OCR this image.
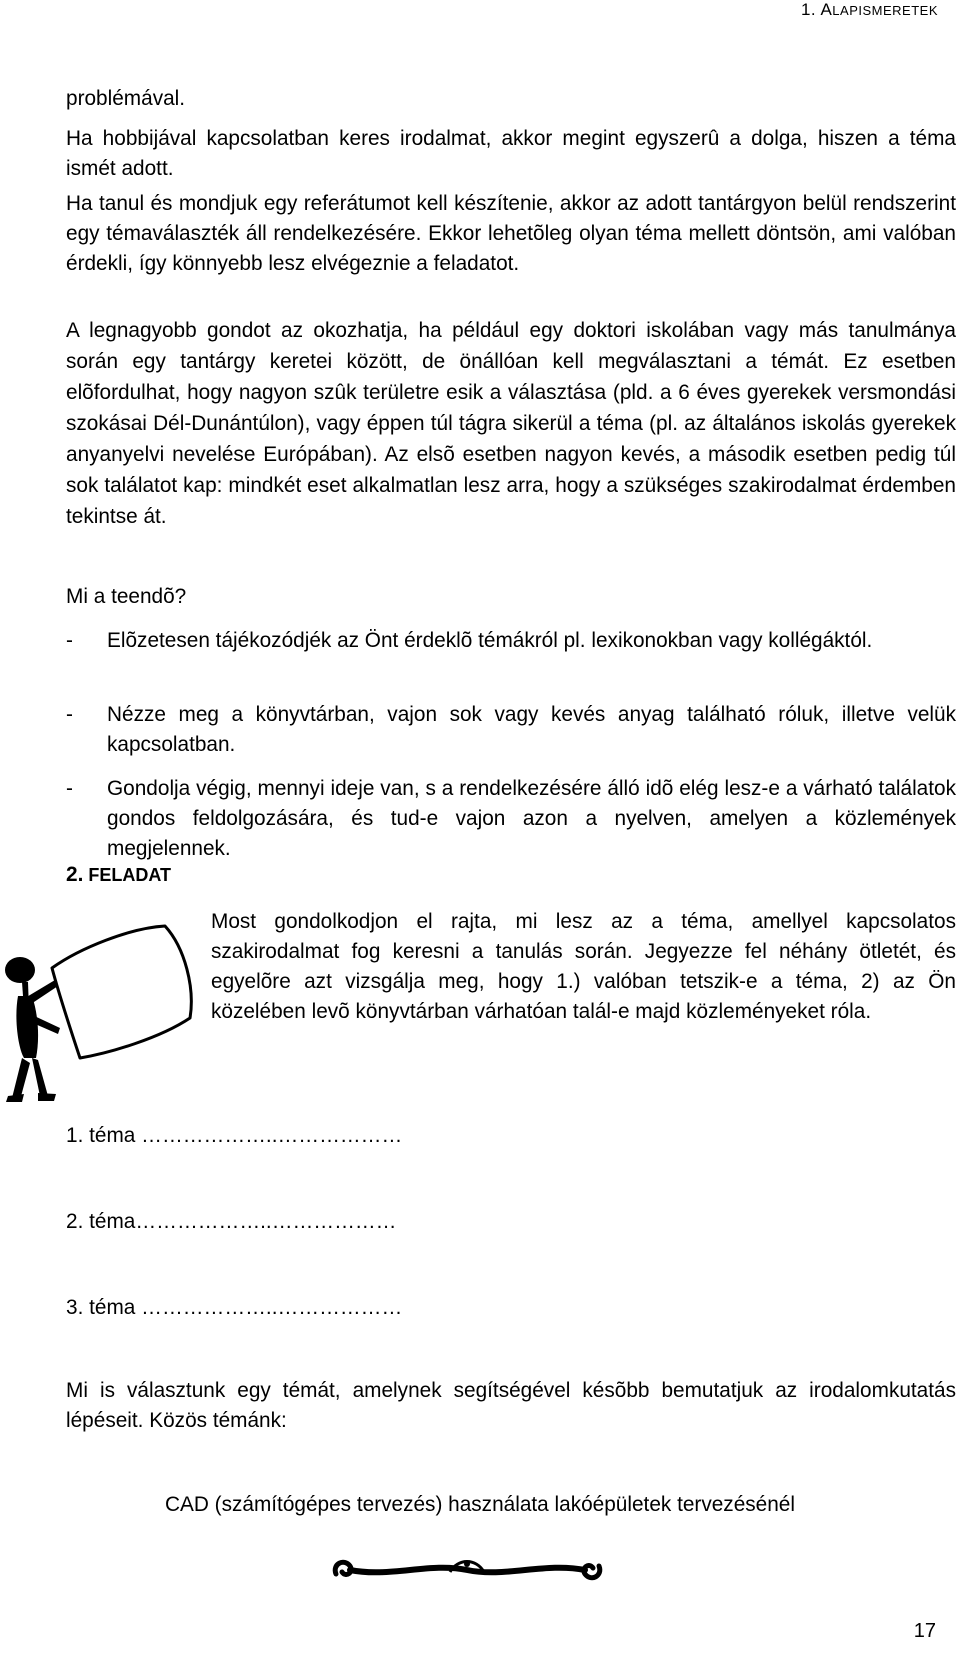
1. ALAPISMERETEK

problémával.

Ha hobbijával kapcsolatban keres irodalmat, akkor megint egyszerû a dolga, hiszen a téma ismét adott.

Ha tanul és mondjuk egy referátumot kell készítenie, akkor az adott tantárgyon belül rendszerint egy témaválaszték áll rendelkezésére. Ekkor lehetõleg olyan téma mellett döntsön, ami valóban érdekli, így könnyebb lesz elvégeznie a feladatot.

A legnagyobb gondot az okozhatja, ha például egy doktori iskolában vagy más tanulmánya során egy tantárgy keretei között, de önállóan kell megválasztani a témát. Ez esetben elõfordulhat, hogy nagyon szûk területre esik a választása (pld. a 6 éves gyerekek versmondási szokásai Dél-Dunántúlon), vagy éppen túl tágra sikerül a téma (pl. az általános iskolás gyerekek anyanyelvi nevelése Európában). Az elsõ esetben nagyon kevés, a második esetben pedig túl sok találatot kap: mindkét eset alkalmatlan lesz arra, hogy a szükséges szakirodalmat érdemben tekintse át.

Mi a teendõ?

- Elõzetesen tájékozódjék az Önt érdeklõ témákról pl. lexikonokban vagy kollégáktól.
- Nézze meg a könyvtárban, vajon sok vagy kevés anyag található róluk, illetve velük kapcsolatban.
- Gondolja végig, mennyi ideje van, s a rendelkezésére álló idõ elég lesz-e a várható találatok gondos feldolgozására, és tud-e vajon azon a nyelven, amelyen a közlemények megjelennek.
2. FELADAT
Most gondolkodjon el rajta, mi lesz az a téma, amellyel kapcsolatos szakirodalmat fog keresni a tanulás során. Jegyezze fel néhány ötletét, és egyelõre azt vizsgálja meg, hogy 1.) valóban tetszik-e a téma, 2) az Ön közelében levõ könyvtárban várhatóan talál-e majd közleményeket róla.
1. téma ………………..………………
2. téma………………..………………
3. téma ………………..………………

Mi is választunk egy témát, amelynek segítségével késõbb bemutatjuk az irodalomkutatás lépéseit. Közös témánk:

CAD (számítógépes tervezés) használata lakóépületek tervezésénél
17
